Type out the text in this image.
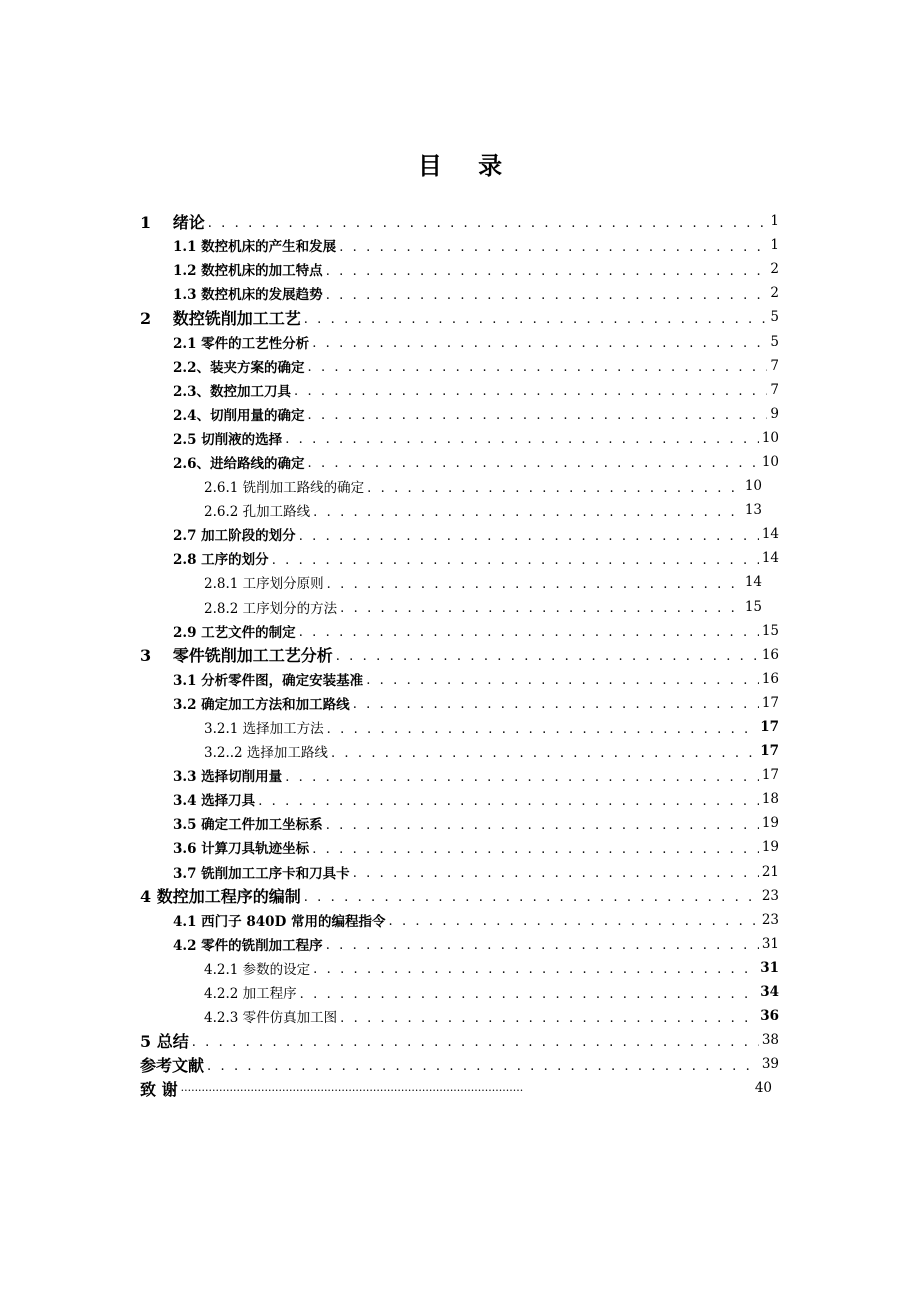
目 录
1　 绪论 . . .	1
1.1 数控机床的产生和发展 . . .	1
1.2 数控机床的加工特点 . . .	2
1.3 数控机床的发展趋势 . . .	2
2　 数控铣削加工工艺 . . .	5
2.1 零件的工艺性分析 . . .	5
2.2、装夹方案的确定 . . .	7
2.3、数控加工刀具 . . .	7
2.4、切削用量的确定 . . .	9
2.5 切削液的选择 . . .	10
2.6、进给路线的确定 . . .	10
2.6.1 铣削加工路线的确定 . . .	10
2.6.2 孔加工路线 . . .	13
2.7 加工阶段的划分 . . .	14
2.8 工序的划分 . . .	14
2.8.1 工序划分原则 . . .	14
2.8.2 工序划分的方法 . . .	15
2.9 工艺文件的制定 . . .	15
3　 零件铣削加工工艺分析 . . .	16
3.1 分析零件图，确定安装基准 . . .	16
3.2 确定加工方法和加工路线 . . .	17
3.2.1 选择加工方法 . . .	17
3.2..2 选择加工路线 . . .	17
3.3 选择切削用量 . . .	17
3.4 选择刀具 . . .	18
3.5 确定工件加工坐标系 . . .	19
3.6 计算刀具轨迹坐标 . . .	19
3.7 铣削加工工序卡和刀具卡 . . .	21
4 数控加工程序的编制 . . .	23
4.1 西门子 840D 常用的编程指令 . . .	23
4.2 零件的铣削加工程序 . . .	31
4.2.1 参数的设定 . . .	31
4.2.2 加工程序 . . .	34
4.2.3 零件仿真加工图 . . .	36
5 总结 . . .	38
参考文献 . . .	39
致 谢 ·····	40
